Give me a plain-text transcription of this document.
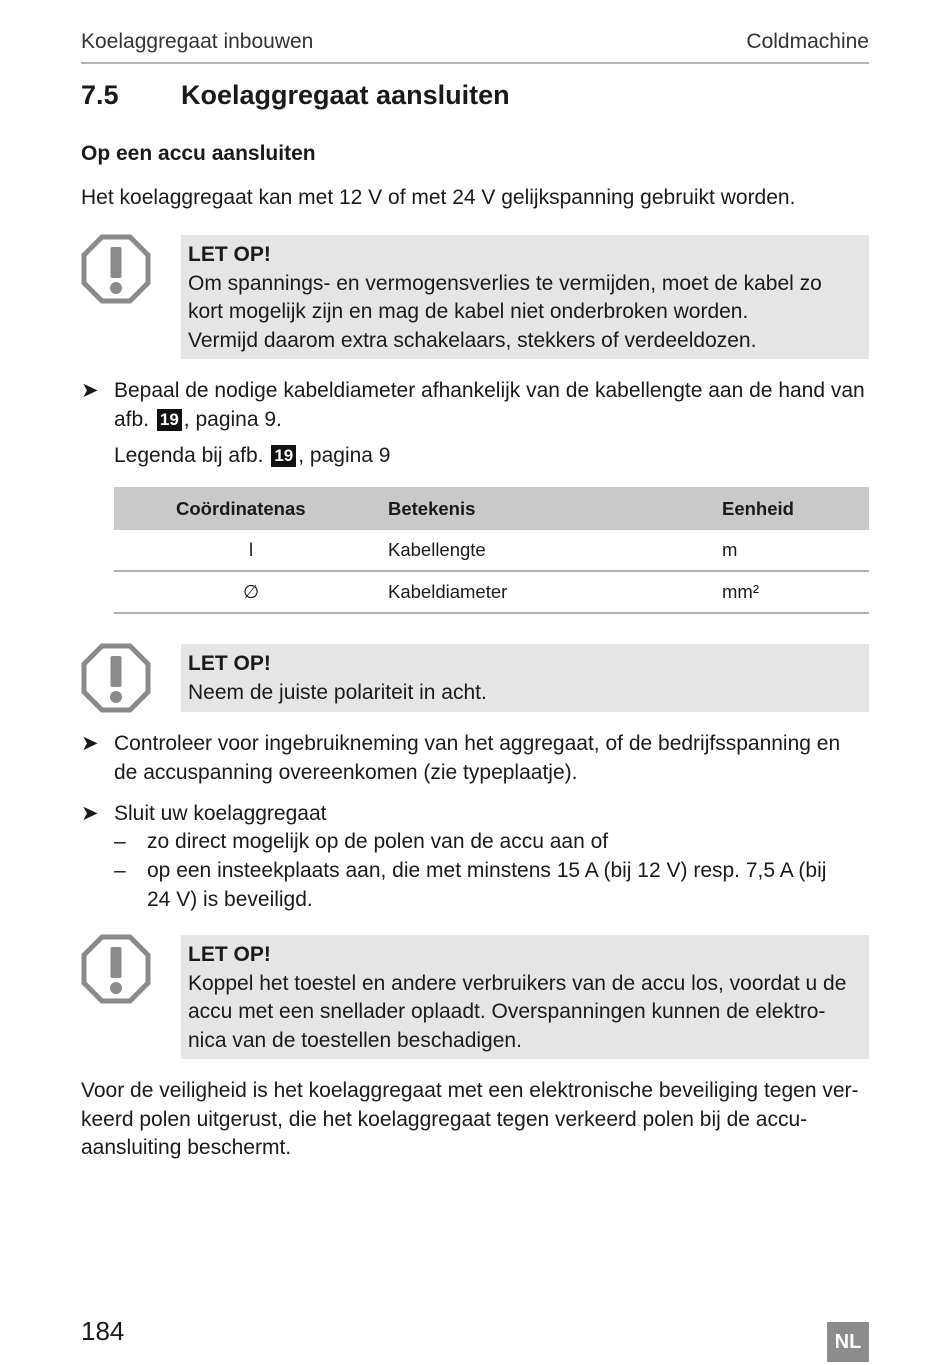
Koelaggregaat inbouwen	Coldmachine
7.5 Koelaggregaat aansluiten
Op een accu aansluiten
Het koelaggregaat kan met 12 V of met 24 V gelijkspanning gebruikt worden.
LET OP!
Om spannings- en vermogensverlies te vermijden, moet de kabel zo
kort mogelijk zijn en mag de kabel niet onderbroken worden.
Vermijd daarom extra schakelaars, stekkers of verdeeldozen.
➤ Bepaal de nodige kabeldiameter afhankelijk van de kabellengte aan de hand van
afb. 19 , pagina 9.
Legenda bij afb. 19 , pagina 9
Coördinatenas	Betekenis	Eenheid
l	Kabellengte	m
∅	Kabeldiameter	mm²
LET OP!
Neem de juiste polariteit in acht.
➤ Controleer voor ingebruikneming van het aggregaat, of de bedrijfsspanning en
de accuspanning overeenkomen (zie typeplaatje).
➤ Sluit uw koelaggregaat
– zo direct mogelijk op de polen van de accu aan of
– op een insteekplaats aan, die met minstens 15 A (bij 12 V) resp. 7,5 A (bij
24 V) is beveiligd.
LET OP!
Koppel het toestel en andere verbruikers van de accu los, voordat u de
accu met een snellader oplaadt. Overspanningen kunnen de elektro-
nica van de toestellen beschadigen.
Voor de veiligheid is het koelaggregaat met een elektronische beveiliging tegen ver-
keerd polen uitgerust, die het koelaggregaat tegen verkeerd polen bij de accu-
aansluiting beschermt.
184	NL
